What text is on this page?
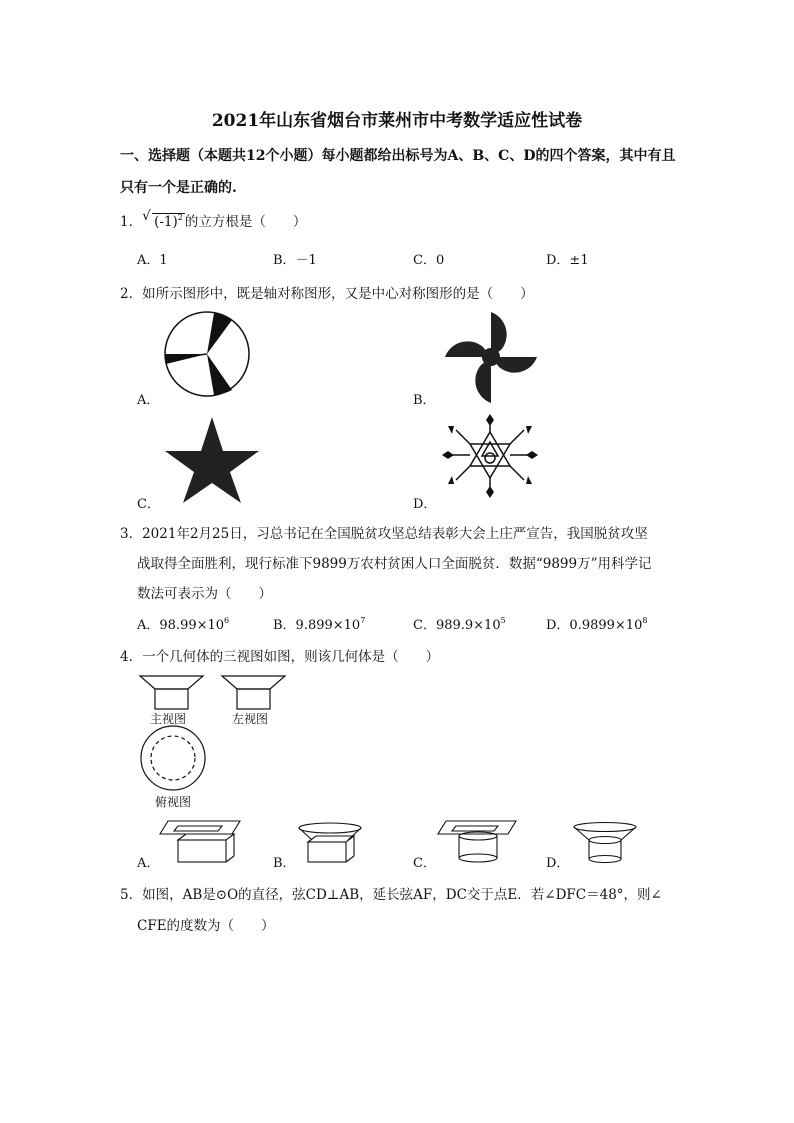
2021年山东省烟台市莱州市中考数学适应性试卷
一、选择题（本题共12个小题）每小题都给出标号为A、B、C、D的四个答案，其中有且
只有一个是正确的.
1． √ $(-1)^2$ 的立方根是（　　）
A．1	B．－1	C．0	D．±1
2．如所示图形中，既是轴对称图形，又是中心对称图形的是（　　）
A．	B．
C．	D．
3．2021年2月25日，习总书记在全国脱贫攻坚总结表彰大会上庄严宣告，我国脱贫攻坚
战取得全面胜利，现行标准下9899万农村贫困人口全面脱贫．数据“9899万”用科学记
数法可表示为（　　）
A．$98.99\times 10^6$	B．$9.899\times 10^7$	C．$989.9\times 10^5$	D．$0.9899\times 10^8$
4．一个几何体的三视图如图，则该几何体是（　　）
主视图	左视图
俯视图
A．	B．	C．	D．
5．如图，AB是⊙O的直径，弦CD⊥AB，延长弦AF，DC交于点E．若∠DFC＝48°，则∠
CFE的度数为（　　）
